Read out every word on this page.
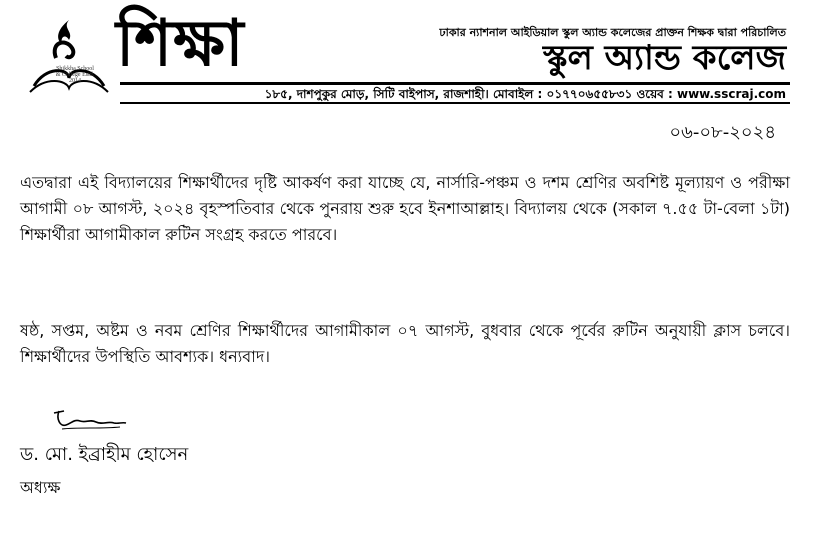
Shikkha School & College Estd. 2014 শিক্ষা	ঢাকার ন্যাশনাল আইডিয়াল স্কুল অ্যান্ড কলেজের প্রাক্তন শিক্ষক দ্বারা পরিচালিত
স্কুল অ্যান্ড কলেজ
১৮৫, দাশপুকুর মোড়, সিটি বাইপাস, রাজশাহী। মোবাইল : ০১৭৭০৬৫৫৮৩১ ওয়েব : www.sscraj.com
০৬-০৮-২০২৪

এতদ্বারা এই বিদ্যালয়ের শিক্ষার্থীদের দৃষ্টি আকর্ষণ করা যাচ্ছে যে, নার্সারি-পঞ্চম ও দশম শ্রেণির অবশিষ্ট মূল্যায়ণ ও পরীক্ষা আগামী ০৮ আগস্ট, ২০২৪ বৃহস্পতিবার থেকে পুনরায় শুরু হবে ইনশাআল্লাহ। বিদ্যালয় থেকে (সকাল ৭.৫৫ টা-বেলা ১টা) শিক্ষার্থীরা আগামীকাল রুটিন সংগ্রহ করতে পারবে।

ষষ্ঠ, সপ্তম, অষ্টম ও নবম শ্রেণির শিক্ষার্থীদের আগামীকাল ০৭ আগস্ট, বুধবার থেকে পূর্বের রুটিন অনুযায়ী ক্লাস চলবে। শিক্ষার্থীদের উপস্থিতি আবশ্যক। ধন্যবাদ।

ড. মো. ইব্রাহীম হোসেন
অধ্যক্ষ
